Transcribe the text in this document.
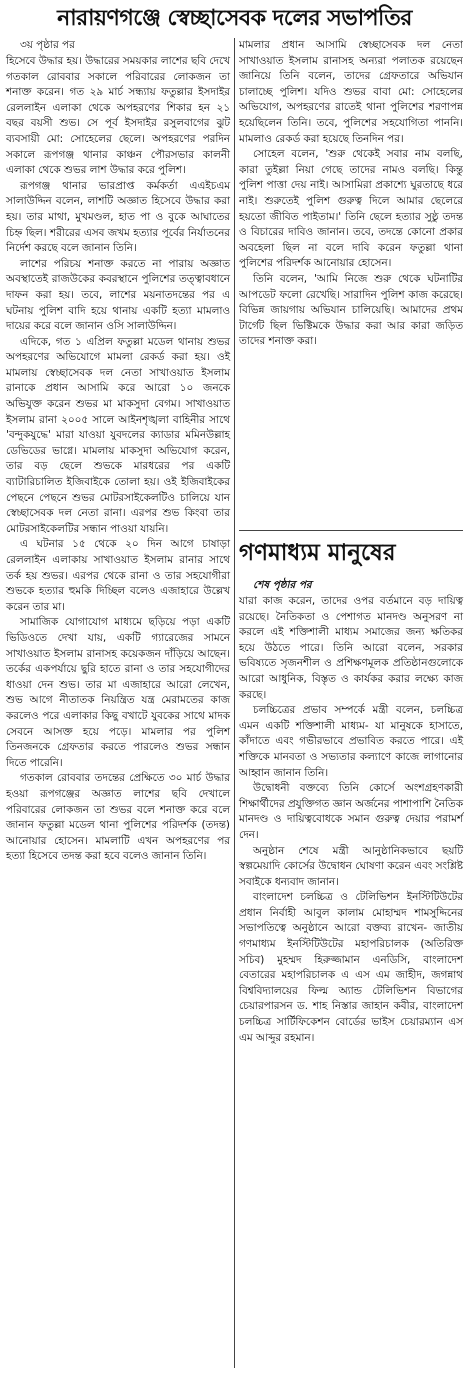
নারায়ণগঞ্জে স্বেচ্ছাসেবক দলের সভাপতির

৩য় পৃষ্ঠার পর

হিসেবে উদ্ধার হয়। উদ্ধারের সময়কার লাশের ছবি দেখে গতকাল রোববার সকালে পরিবারের লোকজন তা শনাক্ত করেন। গত ২৯ মার্চ সন্ধ্যায় ফতুল্লার ইসদাইর রেললাইন এলাকা থেকে অপহরণের শিকার হন ২১ বছর বয়সী শুভ। সে পূর্ব ইসদাইর রসুলবাগের ঝুট ব্যবসায়ী মো: সোহেলের ছেলে। অপহরণের পরদিন সকালে রূপগঞ্জ থানার কাঞ্চন পৌরসভার কালনী এলাকা থেকে শুভর লাশ উদ্ধার করে পুলিশ।

রূপগঞ্জ থানার ভারপ্রাপ্ত কর্মকর্তা এএইচএম সালাউদ্দিন বলেন, লাশটি অজ্ঞাত হিসেবে উদ্ধার করা হয়। তার মাথা, মুখমণ্ডল, হাত পা ও বুকে আঘাতের চিহ্ন ছিল। শরীরের এসব জখম হত্যার পূর্বের নির্যাতনের নির্দেশ করছে বলে জানান তিনি।

লাশের পরিচয় শনাক্ত করতে না পারায় অজ্ঞাত অবস্থাতেই রাজউকের কবরস্থানে পুলিশের তত্ত্বাবধানে দাফন করা হয়। তবে, লাশের ময়নাতদন্তের পর এ ঘটনায় পুলিশ বাদি হয়ে থানায় একটি হত্যা মামলাও দায়ের করে বলে জানান ওসি সালাউদ্দিন।

এদিকে, গত ১ এপ্রিল ফতুল্লা মডেল থানায় শুভর অপহরণের অভিযোগে মামলা রেকর্ড করা হয়। ওই মামলায় স্বেচ্ছাসেবক দল নেতা সাখাওয়াত ইসলাম রানাকে প্রধান আসামি করে আরো ১০ জনকে অভিযুক্ত করেন শুভর মা মাকসুদা বেগম। সাখাওয়াত ইসলাম রানা ২০০৫ সালে আইনশৃঙ্খলা বাহিনীর সাথে 'বন্দুকযুদ্ধে' মারা যাওয়া যুবদলের ক্যাডার মমিনউল্লাহ ডেভিডের ভাগ্নে। মামলায় মাকসুদা অভিযোগ করেন, তার বড় ছেলে শুভকে মারধরের পর একটি ব্যাটারিচালিত ইজিবাইকে তোলা হয়। ওই ইজিবাইকের পেছনে পেছনে শুভর মোটরসাইকেলটিও চালিয়ে যান স্বেচ্ছাসেবক দল নেতা রানা। এরপর শুভ কিংবা তার মোটরসাইকেলটির সন্ধান পাওয়া যায়নি।

এ ঘটনার ১৫ থেকে ২০ দিন আগে চাষাড়া রেললাইন এলাকায় সাখাওয়াত ইসলাম রানার সাথে তর্ক হয় শুভর। এরপর থেকে রানা ও তার সহযোগীরা শুভকে হত্যার হুমকি দিচ্ছিল বলেও এজাহারে উল্লেখ করেন তার মা।

সামাজিক যোগাযোগ মাধ্যমে ছড়িয়ে পড়া একটি ভিডিওতে দেখা যায়, একটি গ্যারেজের সামনে সাখাওয়াত ইসলাম রানাসহ কয়েকজন দাঁড়িয়ে আছেন। তর্কের একপর্যায়ে ছুরি হাতে রানা ও তার সহযোগীদের ধাওয়া দেন শুভ। তার মা এজাহারে আরো লেখেন, শুভ আগে নীতাতক নিয়ন্ত্রিত যন্ত্র মেরামতের কাজ করলেও পরে এলাকার কিছু বখাটে যুবকের সাথে মাদক সেবনে আসক্ত হয়ে পড়ে। মামলার পর পুলিশ তিনজনকে গ্রেফতার করতে পারলেও শুভর সন্ধান দিতে পারেনি।

গতকাল রোববার তদন্তের প্রেক্ষিতে ৩০ মার্চ উদ্ধার হওয়া রূপগঞ্জের অজ্ঞাত লাশের ছবি দেখালে পরিবারের লোকজন তা শুভর বলে শনাক্ত করে বলে জানান ফতুল্লা মডেল থানা পুলিশের পরিদর্শক (তদন্ত) আনোয়ার হোসেন। মামলাটি এখন অপহরণের পর হত্যা হিসেবে তদন্ত করা হবে বলেও জানান তিনি।

মামলার প্রধান আসামি স্বেচ্ছাসেবক দল নেতা সাখাওয়াত ইসলাম রানাসহ অন্যরা পলাতক রয়েছেন জানিয়ে তিনি বলেন, তাদের গ্রেফতারে অভিযান চালাচ্ছে পুলিশ। যদিও শুভর বাবা মো: সোহেলের অভিযোগ, অপহরণের রাতেই থানা পুলিশের শরণাপন্ন হয়েছিলেন তিনি। তবে, পুলিশের সহযোগিতা পাননি। মামলাও রেকর্ড করা হয়েছে তিনদিন পর।

সোহেল বলেন, 'শুরু থেকেই সবার নাম বলছি, কারা তুইল্লা নিয়া গেছে তাদের নামও বলছি। কিন্তু পুলিশ পাত্তা দেয় নাই। আসামিরা প্রকাশ্যে ঘুরতাছে ধরে নাই। শুরুতেই পুলিশ গুরুত্ব দিলে আমার ছেলেরে হয়তো জীবিত পাইতাম।' তিনি ছেলে হত্যার সুষ্ঠু তদন্ত ও বিচারের দাবিও জানান। তবে, তদন্তে কোনো প্রকার অবহেলা ছিল না বলে দাবি করেন ফতুল্লা থানা পুলিশের পরিদর্শক আনোয়ার হোসেন।

তিনি বলেন, 'আমি নিজে শুরু থেকে ঘটনাটির আপডেট ফলো রেখেছি। সারাদিন পুলিশ কাজ করেছে। বিভিন্ন জায়গায় অভিযান চালিয়েছি। আমাদের প্রথম টার্গেট ছিল ভিক্টিমকে উদ্ধার করা আর কারা জড়িত তাদের শনাক্ত করা।

গণমাধ্যম মানুষের

শেষ পৃষ্ঠার পর

যারা কাজ করেন, তাদের ওপর বর্তমানে বড় দায়িত্ব রয়েছে। নৈতিকতা ও পেশাগত মানদণ্ড অনুসরণ না করলে এই শক্তিশালী মাধ্যম সমাজের জন্য ক্ষতিকর হয়ে উঠতে পারে। তিনি আরো বলেন, সরকার ভবিষ্যতে সৃজনশীল ও প্রশিক্ষণমূলক প্রতিষ্ঠানগুলোকে আরো আধুনিক, বিস্তৃত ও কার্যকর করার লক্ষ্যে কাজ করছে।

চলচ্চিত্রের প্রভাব সম্পর্কে মন্ত্রী বলেন, চলচ্চিত্র এমন একটি শক্তিশালী মাধ্যম- যা মানুষকে হাসাতে, কাঁদাতে এবং গভীরভাবে প্রভাবিত করতে পারে। এই শক্তিকে মানবতা ও সভ্যতার কল্যাণে কাজে লাগানোর আহ্বান জানান তিনি।

উদ্বোধনী বক্তব্যে তিনি কোর্সে অংশগ্রহণকারী শিক্ষার্থীদের প্রযুক্তিগত জ্ঞান অর্জনের পাশাপাশি নৈতিক মানদণ্ড ও দায়িত্ববোধকে সমান গুরুত্ব দেয়ার পরামর্শ দেন।

অনুষ্ঠান শেষে মন্ত্রী আনুষ্ঠানিকভাবে ছয়টি স্বল্পমেয়াদি কোর্সের উদ্বোধন ঘোষণা করেন এবং সংশ্লিষ্ট সবাইকে ধন্যবাদ জানান।

বাংলাদেশ চলচ্চিত্র ও টেলিভিশন ইনস্টিটিউটের প্রধান নির্বাহী আবুল কালাম মোহাম্মদ শামসুদ্দিনের সভাপতিত্বে অনুষ্ঠানে আরো বক্তব্য রাখেন- জাতীয় গণমাধ্যম ইনস্টিটিউটের মহাপরিচালক (অতিরিক্ত সচিব) মুহম্মদ হিরুজ্জামান এনডিসি, বাংলাদেশ বেতারের মহাপরিচালক এ এস এম জাহীদ, জগন্নাথ বিশ্ববিদ্যালয়ের ফিল্ম অ্যান্ড টেলিভিশন বিভাগের চেয়ারপারসন ড. শাহ নিস্তার জাহান কবীর, বাংলাদেশ চলচ্চিত্র সার্টিফিকেশন বোর্ডের ভাইস চেয়ারম্যান এস এম আব্দুর রহমান।
